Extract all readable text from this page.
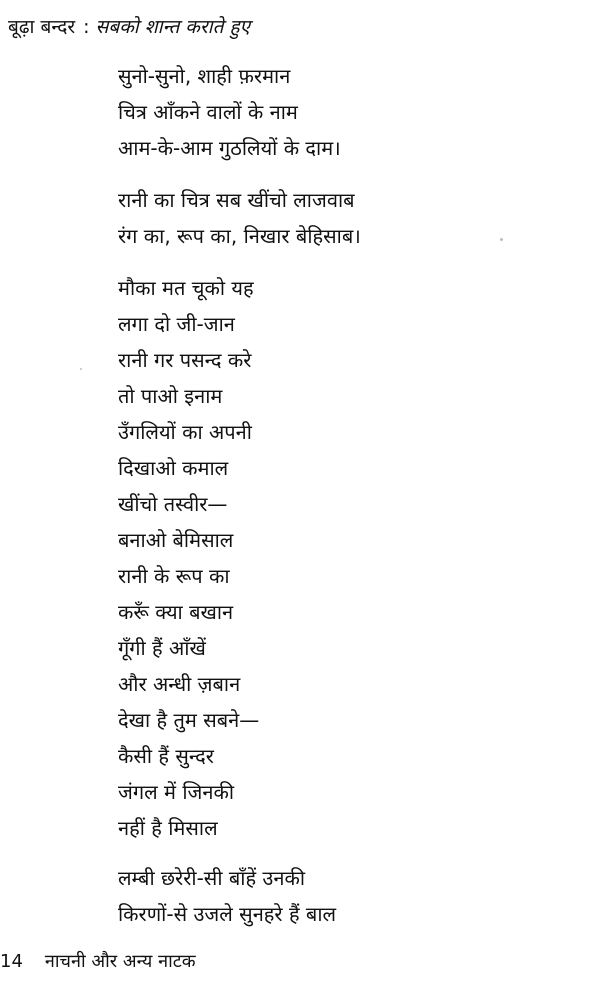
बूढ़ा बन्दर : सबको शान्त कराते हुए
सुनो-सुनो, शाही फ़रमान
चित्र आँकने वालों के नाम
आम-के-आम गुठलियों के दाम।
रानी का चित्र सब खींचो लाजवाब
रंग का, रूप का, निखार बेहिसाब।
मौका मत चूको यह
लगा दो जी-जान
रानी गर पसन्द करे
तो पाओ इनाम
उँगलियों का अपनी
दिखाओ कमाल
खींचो तस्वीर—
बनाओ बेमिसाल
रानी के रूप का
करूँ क्या बखान
गूँगी हैं आँखें
और अन्धी ज़बान
देखा है तुम सबने—
कैसी हैं सुन्दर
जंगल में जिनकी
नहीं है मिसाल
लम्बी छरेरी-सी बाँहें उनकी
किरणों-से उजले सुनहरे हैं बाल
14 नाचनी और अन्य नाटक
